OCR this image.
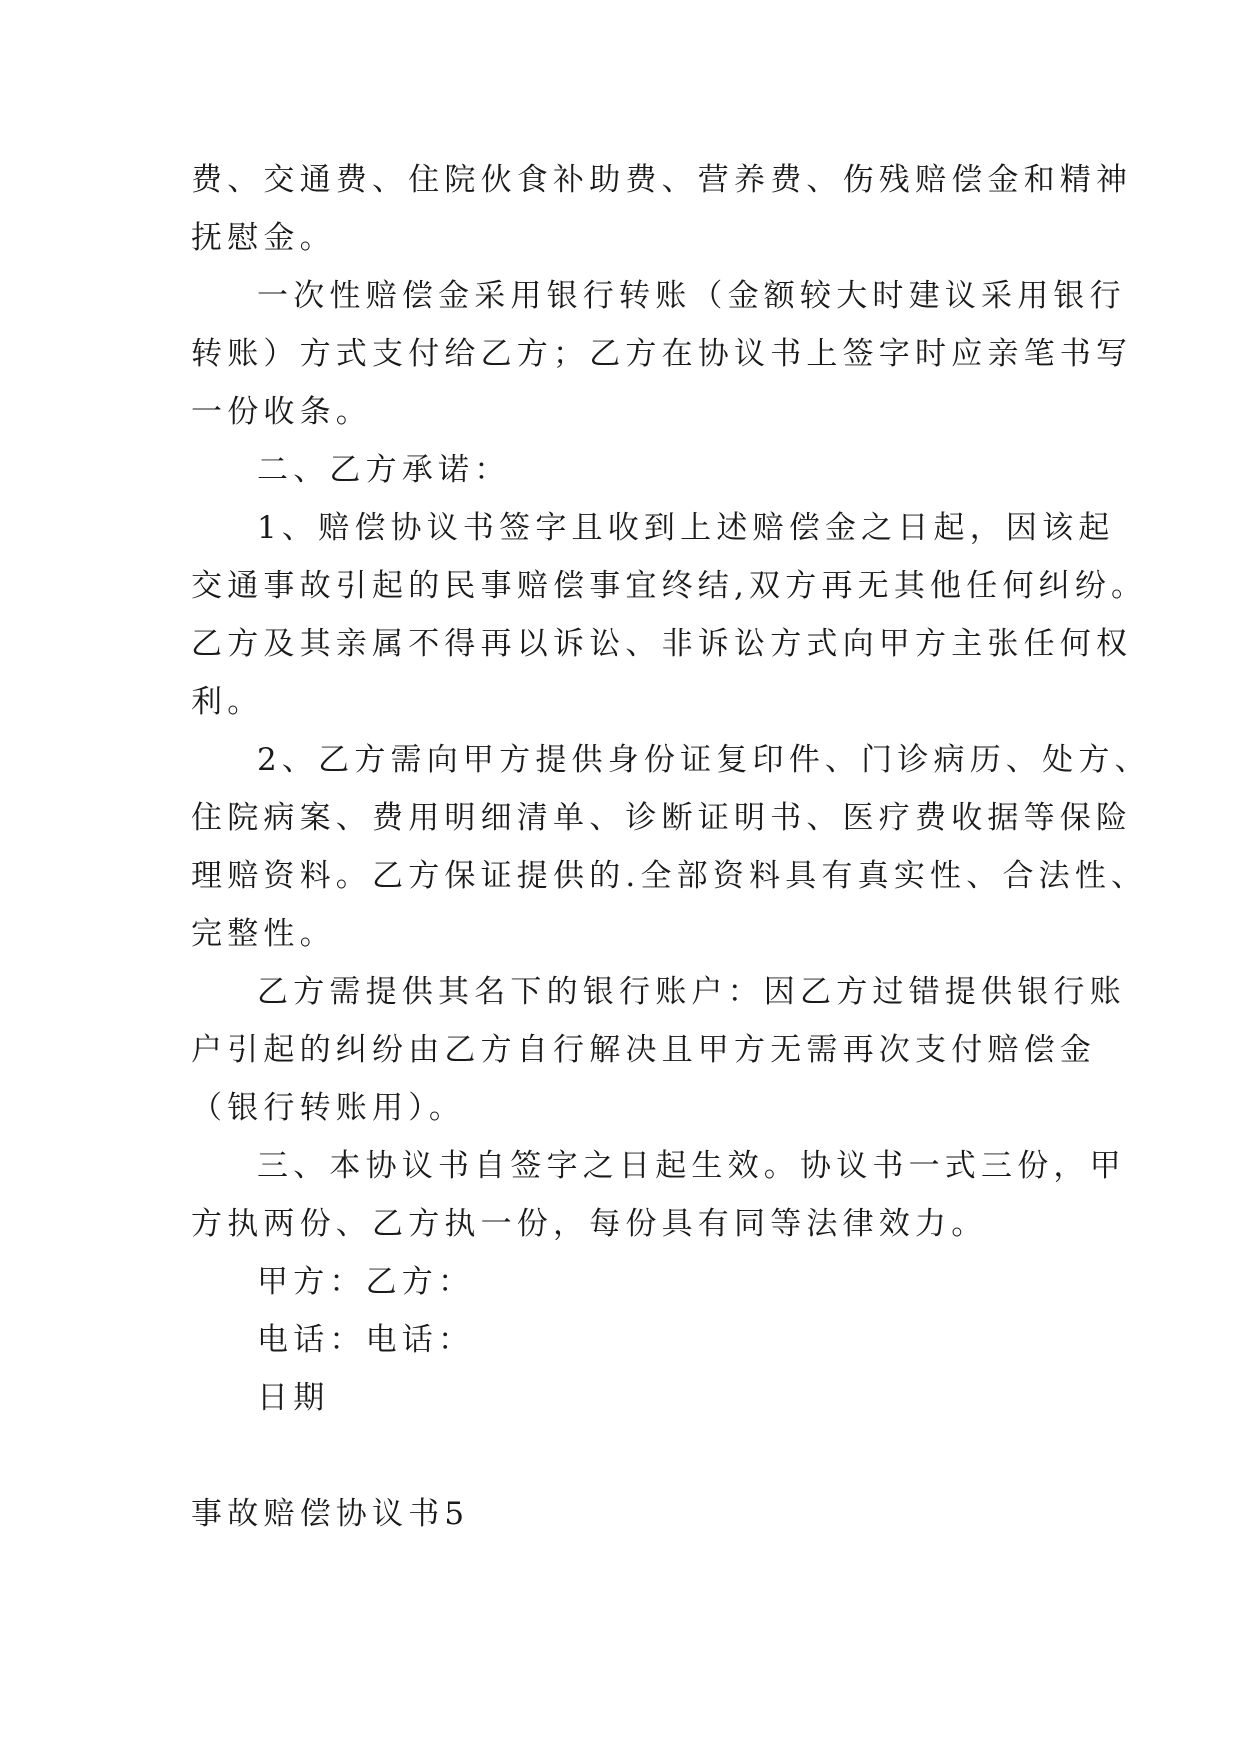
费、交通费、住院伙食补助费、营养费、伤残赔偿金和精神
抚慰金。
一次性赔偿金采用银行转账（金额较大时建议采用银行
转账）方式支付给乙方；乙方在协议书上签字时应亲笔书写
一份收条。
二、乙方承诺：
1、赔偿协议书签字且收到上述赔偿金之日起，因该起
交通事故引起的民事赔偿事宜终结,双方再无其他任何纠纷。
乙方及其亲属不得再以诉讼、非诉讼方式向甲方主张任何权
利。
2、乙方需向甲方提供身份证复印件、门诊病历、处方、
住院病案、费用明细清单、诊断证明书、医疗费收据等保险
理赔资料。乙方保证提供的.全部资料具有真实性、合法性、
完整性。
乙方需提供其名下的银行账户：因乙方过错提供银行账
户引起的纠纷由乙方自行解决且甲方无需再次支付赔偿金
（银行转账用）。
三、本协议书自签字之日起生效。协议书一式三份，甲
方执两份、乙方执一份，每份具有同等法律效力。
甲方：乙方：
电话：电话：
日期
事故赔偿协议书5
